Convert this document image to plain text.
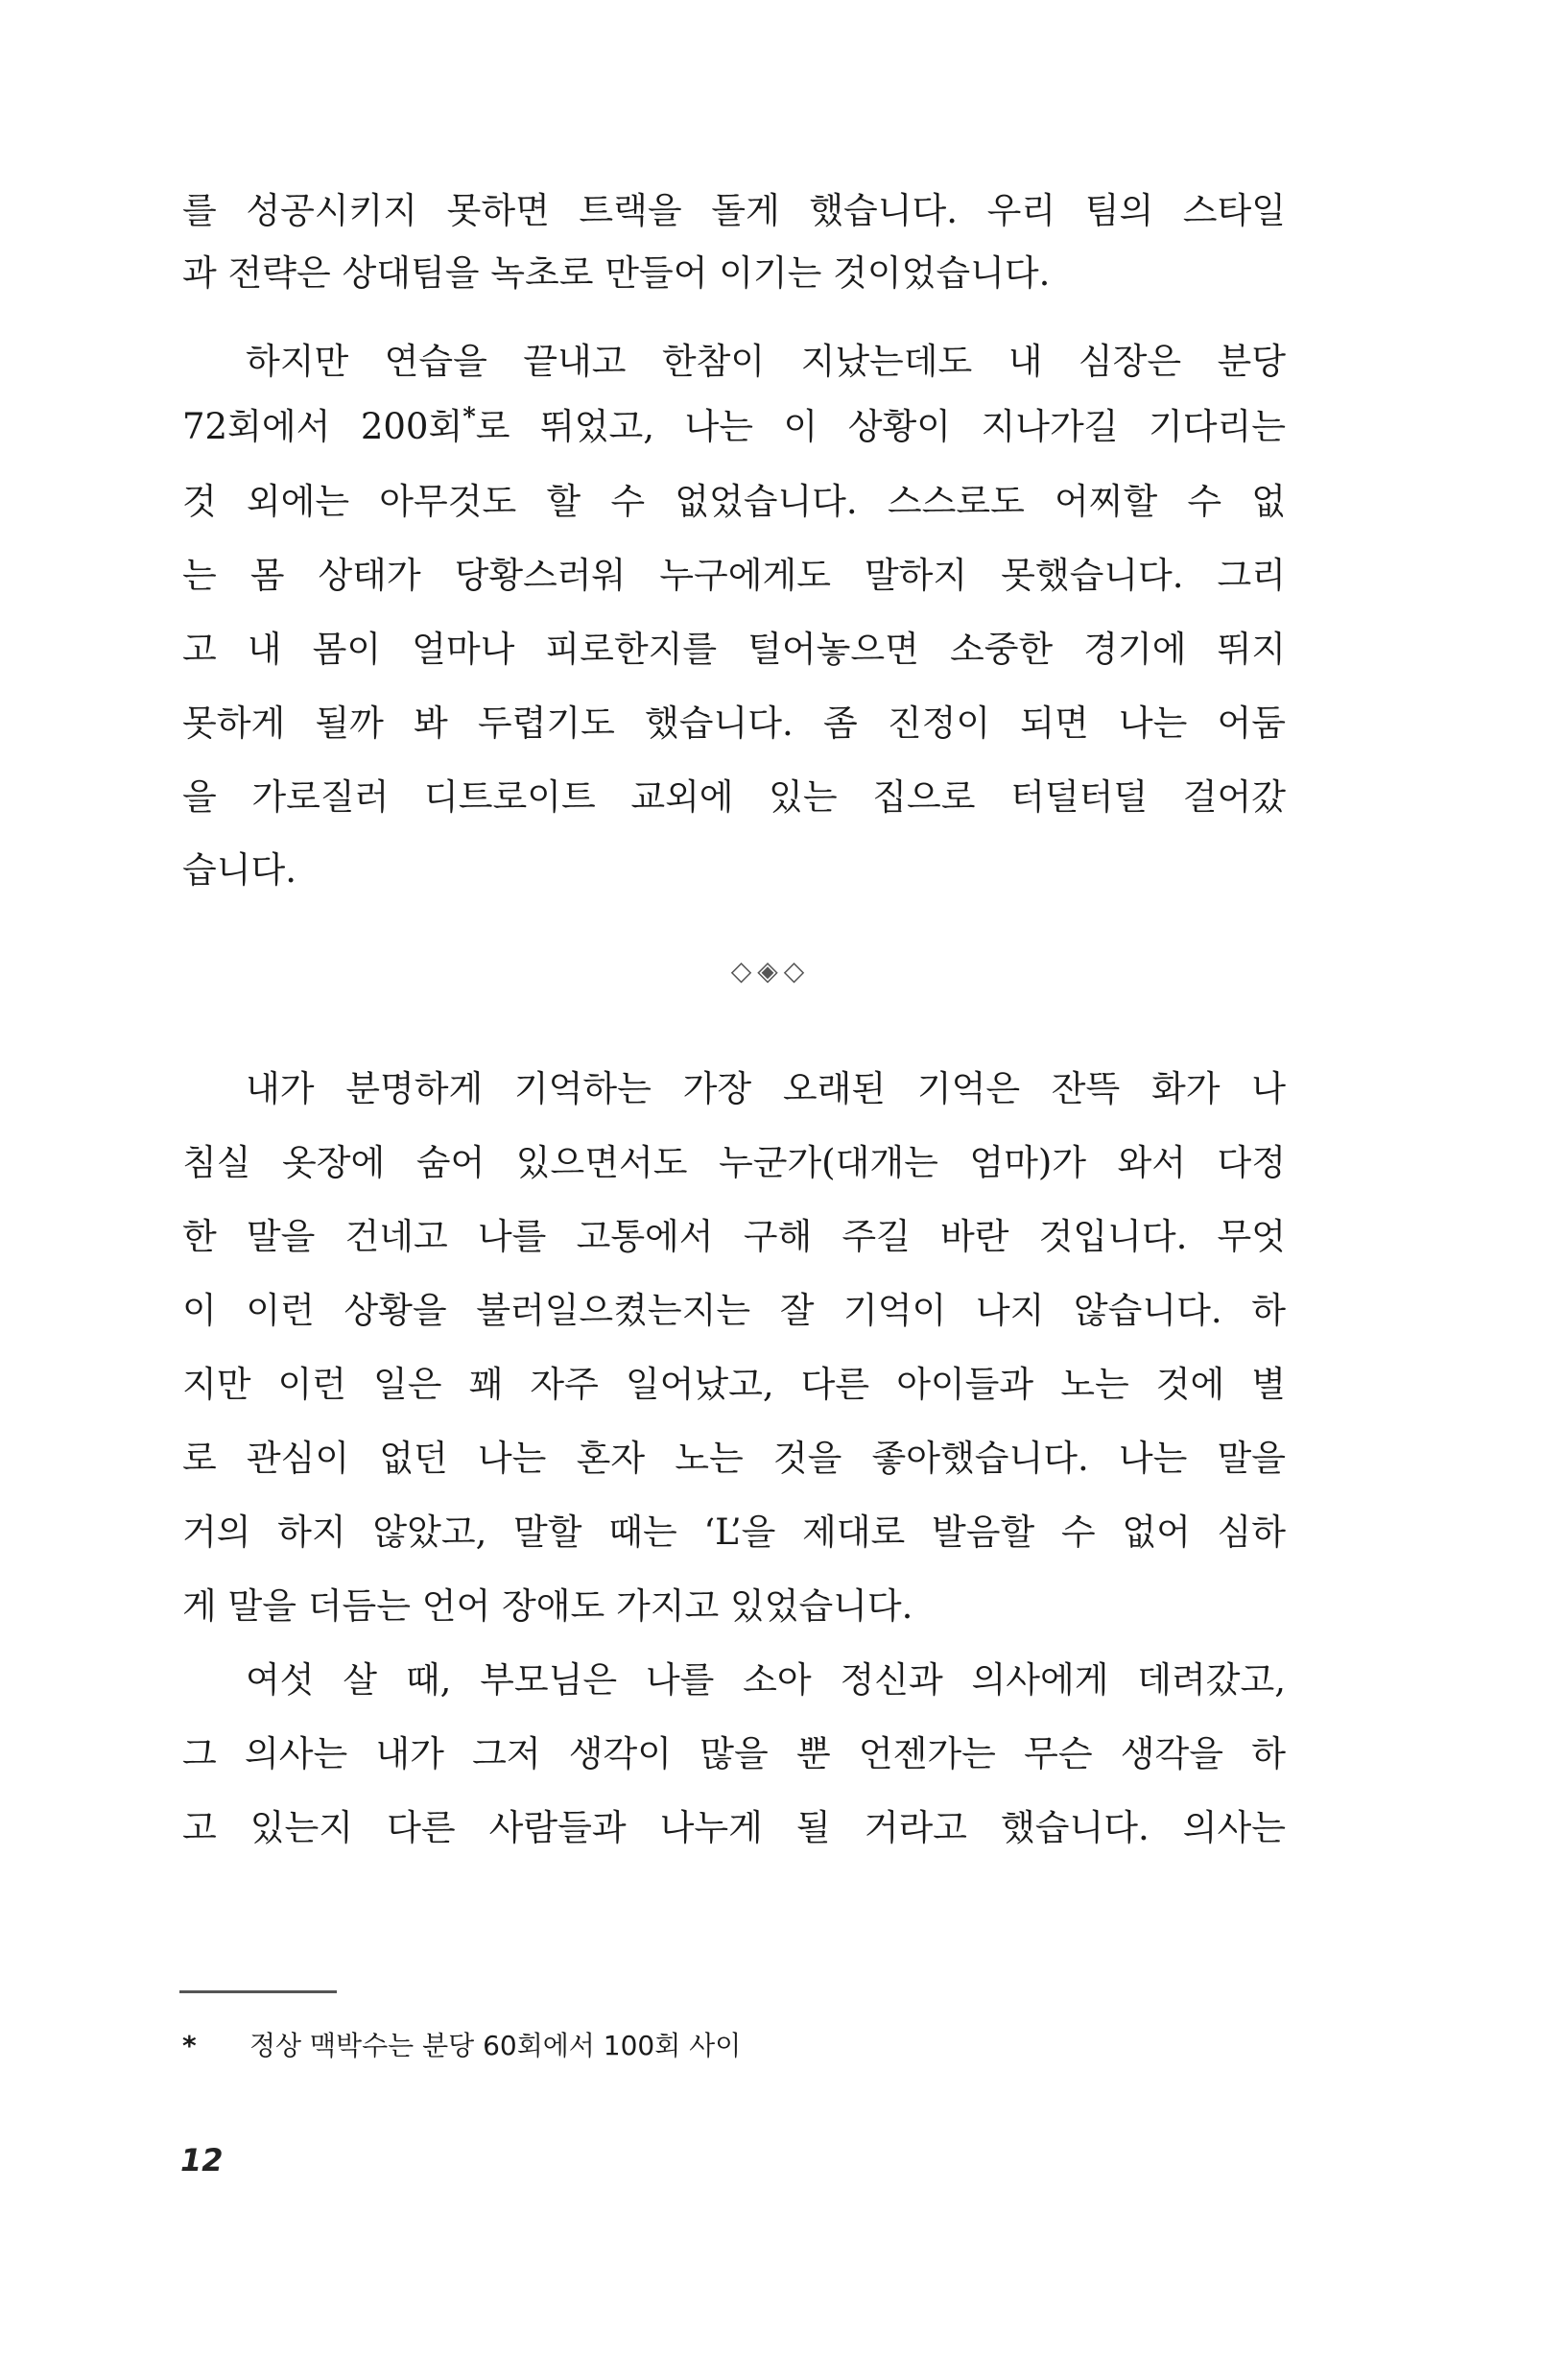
를 성공시키지 못하면 트랙을 돌게 했습니다. 우리 팀의 스타일
과 전략은 상대팀을 녹초로 만들어 이기는 것이었습니다.
하지만 연습을 끝내고 한참이 지났는데도 내 심장은 분당
72회에서 200회*로 뛰었고, 나는 이 상황이 지나가길 기다리는
것 외에는 아무것도 할 수 없었습니다. 스스로도 어찌할 수 없
는 몸 상태가 당황스러워 누구에게도 말하지 못했습니다. 그리
고 내 몸이 얼마나 피로한지를 털어놓으면 소중한 경기에 뛰지
못하게 될까 봐 두렵기도 했습니다. 좀 진정이 되면 나는 어둠
을 가로질러 디트로이트 교외에 있는 집으로 터덜터덜 걸어갔
습니다.
내가 분명하게 기억하는 가장 오래된 기억은 잔뜩 화가 나
침실 옷장에 숨어 있으면서도 누군가(대개는 엄마)가 와서 다정
한 말을 건네고 나를 고통에서 구해 주길 바란 것입니다. 무엇
이 이런 상황을 불러일으켰는지는 잘 기억이 나지 않습니다. 하
지만 이런 일은 꽤 자주 일어났고, 다른 아이들과 노는 것에 별
로 관심이 없던 나는 혼자 노는 것을 좋아했습니다. 나는 말을
거의 하지 않았고, 말할 때는 ‘L’을 제대로 발음할 수 없어 심하
게 말을 더듬는 언어 장애도 가지고 있었습니다.
여섯 살 때, 부모님은 나를 소아 정신과 의사에게 데려갔고,
그 의사는 내가 그저 생각이 많을 뿐 언젠가는 무슨 생각을 하
고 있는지 다른 사람들과 나누게 될 거라고 했습니다. 의사는
◇◈◇
* 정상 맥박수는 분당 60회에서 100회 사이
12
